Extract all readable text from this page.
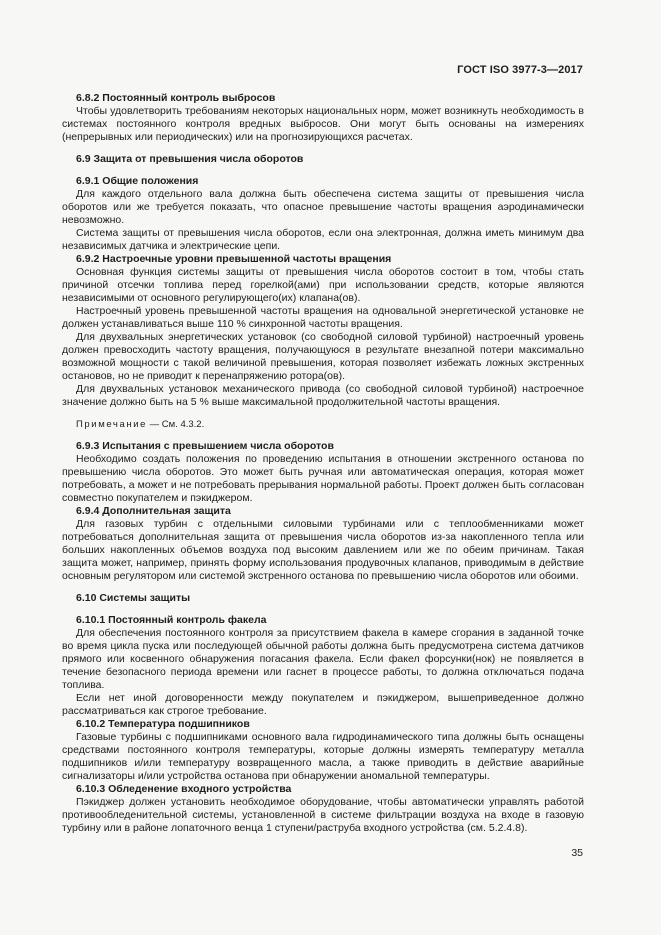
ГОСТ ISO 3977-3—2017

6.8.2 Постоянный контроль выбросов

Чтобы удовлетворить требованиям некоторых национальных норм, может возникнуть необходимость в системах постоянного контроля вредных выбросов. Они могут быть основаны на измерениях (непрерывных или периодических) или на прогнозирующихся расчетах.

6.9 Защита от превышения числа оборотов

6.9.1 Общие положения

Для каждого отдельного вала должна быть обеспечена система защиты от превышения числа оборотов или же требуется показать, что опасное превышение частоты вращения аэродинамически невозможно.

Система защиты от превышения числа оборотов, если она электронная, должна иметь минимум два независимых датчика и электрические цепи.

6.9.2 Настроечные уровни превышенной частоты вращения

Основная функция системы защиты от превышения числа оборотов состоит в том, чтобы стать причиной отсечки топлива перед горелкой(ами) при использовании средств, которые являются независимыми от основного регулирующего(их) клапана(ов).

Настроечный уровень превышенной частоты вращения на одновальной энергетической установке не должен устанавливаться выше 110 % синхронной частоты вращения.

Для двухвальных энергетических установок (со свободной силовой турбиной) настроечный уровень должен превосходить частоту вращения, получающуюся в результате внезапной потери максимально возможной мощности с такой величиной превышения, которая позволяет избежать ложных экстренных остановов, но не приводит к перенапряжению ротора(ов).

Для двухвальных установок механического привода (со свободной силовой турбиной) настроечное значение должно быть на 5 % выше максимальной продолжительной частоты вращения.

Примечание — См. 4.3.2.

6.9.3 Испытания с превышением числа оборотов

Необходимо создать положения по проведению испытания в отношении экстренного останова по превышению числа оборотов. Это может быть ручная или автоматическая операция, которая может потребовать, а может и не потребовать прерывания нормальной работы. Проект должен быть согласован совместно покупателем и пэкиджером.

6.9.4 Дополнительная защита

Для газовых турбин с отдельными силовыми турбинами или с теплообменниками может потребоваться дополнительная защита от превышения числа оборотов из-за накопленного тепла или больших накопленных объемов воздуха под высоким давлением или же по обеим причинам. Такая защита может, например, принять форму использования продувочных клапанов, приводимым в действие основным регулятором или системой экстренного останова по превышению числа оборотов или обоими.

6.10 Системы защиты

6.10.1 Постоянный контроль факела

Для обеспечения постоянного контроля за присутствием факела в камере сгорания в заданной точке во время цикла пуска или последующей обычной работы должна быть предусмотрена система датчиков прямого или косвенного обнаружения погасания факела. Если факел форсунки(нок) не появляется в течение безопасного периода времени или гаснет в процессе работы, то должна отключаться подача топлива.

Если нет иной договоренности между покупателем и пэкиджером, вышеприведенное должно рассматриваться как строгое требование.

6.10.2 Температура подшипников

Газовые турбины с подшипниками основного вала гидродинамического типа должны быть оснащены средствами постоянного контроля температуры, которые должны измерять температуру металла подшипников и/или температуру возвращенного масла, а также приводить в действие аварийные сигнализаторы и/или устройства останова при обнаружении аномальной температуры.

6.10.3 Обледенение входного устройства

Пэкиджер должен установить необходимое оборудование, чтобы автоматически управлять работой противообледенительной системы, установленной в системе фильтрации воздуха на входе в газовую турбину или в районе лопаточного венца 1 ступени/раструба входного устройства (см. 5.2.4.8).

35
